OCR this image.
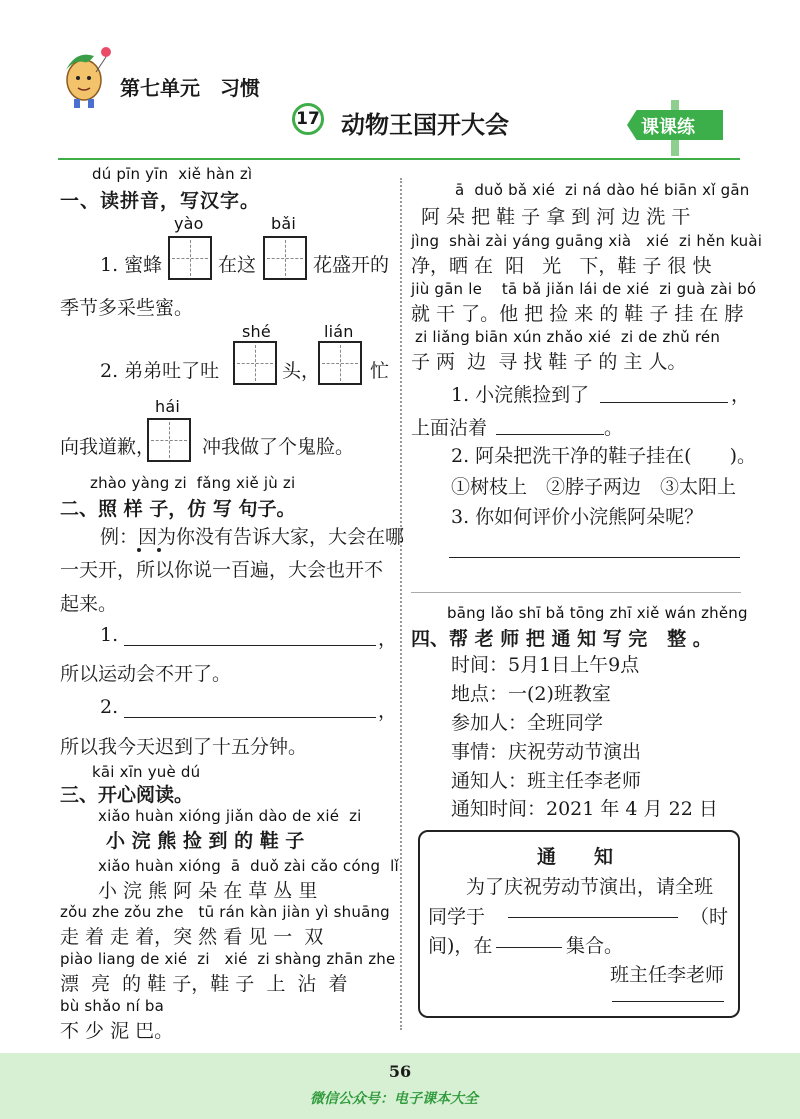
第七单元　习惯
17 动物王国开大会	课课练
dú pīn yīn  xiě hàn zì
一、读拼音，写汉字。
yào	bǎi
1. 蜜蜂	在这	花盛开的
季节多采些蜜。
shé	lián
2. 弟弟吐了吐	头，	忙
hái
向我道歉， 冲我做了个鬼脸。
zhào yàng zi  fǎng xiě jù zi
二、照 样 子，仿 写 句子。
例：因为你没有告诉大家，大会在哪
一天开，所以你说一百遍，大会也开不
起来。
1.	，
所以运动会不开了。
2.	，
所以我今天迟到了十五分钟。
kāi xīn yuè dú
三、开心阅读。
xiǎo huàn xióng jiǎn dào de xié  zi
小 浣 熊 捡 到 的 鞋 子
xiǎo huàn xióng  ā  duǒ zài cǎo cóng  lǐ
小 浣 熊 阿 朵 在 草 丛 里
zǒu zhe zǒu zhe   tū rán kàn jiàn yì shuāng
走 着 走 着，突 然 看 见 一  双
piào liang de xié  zi   xié  zi shàng zhān zhe
漂  亮  的 鞋 子，鞋 子  上  沾  着
bù shǎo ní ba
不 少 泥 巴。
ā  duǒ bǎ xié  zi ná dào hé biān xǐ gān
阿 朵 把 鞋 子 拿 到 河 边 洗 干
jìng  shài zài yáng guāng xià   xié  zi hěn kuài
净，晒 在  阳   光   下，鞋 子 很 快
jiù gān le    tā bǎ jiǎn lái de xié  zi guà zài bó
就 干 了。他 把 捡 来 的 鞋 子 挂 在 脖
zi liǎng biān xún zhǎo xié  zi de zhǔ rén
子 两  边  寻 找 鞋 子 的 主 人。
1. 小浣熊捡到了	，
上面沾着	。
2. 阿朵把洗干净的鞋子挂在(　　)。
①树枝上　②脖子两边　③太阳上
3. 你如何评价小浣熊阿朵呢？
bāng lǎo shī bǎ tōng zhī xiě wán zhěng
四、帮 老 师 把 通 知 写 完   整 。
时间：5月1日上午9点
地点：一(2)班教室
参加人：全班同学
事情：庆祝劳动节演出
通知人：班主任李老师
通知时间：2021 年 4 月 22 日
通　　知
为了庆祝劳动节演出，请全班
同学于	（时
间)，在	集合。
班主任李老师
56
微信公众号：电子课本大全
